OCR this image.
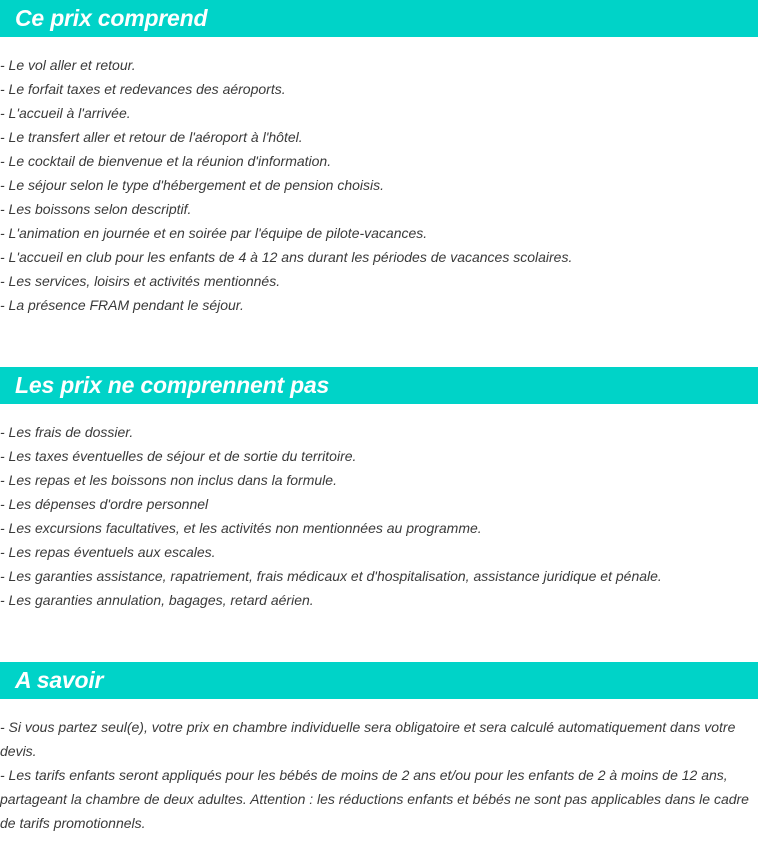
Ce prix comprend
- Le vol aller et retour.
- Le forfait taxes et redevances des aéroports.
- L'accueil à l'arrivée.
- Le transfert aller et retour de l'aéroport à l'hôtel.
- Le cocktail de bienvenue et la réunion d'information.
- Le séjour selon le type d'hébergement et de pension choisis.
- Les boissons selon descriptif.
- L'animation en journée et en soirée par l'équipe de pilote-vacances.
- L'accueil en club pour les enfants de 4 à 12 ans durant les périodes de vacances scolaires.
- Les services, loisirs et activités mentionnés.
- La présence FRAM pendant le séjour.
Les prix ne comprennent pas
- Les frais de dossier.
- Les taxes éventuelles de séjour et de sortie du territoire.
- Les repas et les boissons non inclus dans la formule.
- Les dépenses d'ordre personnel
- Les excursions facultatives, et les activités non mentionnées au programme.
- Les repas éventuels aux escales.
- Les garanties assistance, rapatriement, frais médicaux et d'hospitalisation, assistance juridique et pénale.
- Les garanties annulation, bagages, retard aérien.
A savoir
- Si vous partez seul(e), votre prix en chambre individuelle sera obligatoire et sera calculé automatiquement dans votre devis.
- Les tarifs enfants seront appliqués pour les bébés de moins de 2 ans et/ou pour les enfants de 2 à moins de 12 ans, partageant la chambre de deux adultes. Attention : les réductions enfants et bébés ne sont pas applicables dans le cadre de tarifs promotionnels.
